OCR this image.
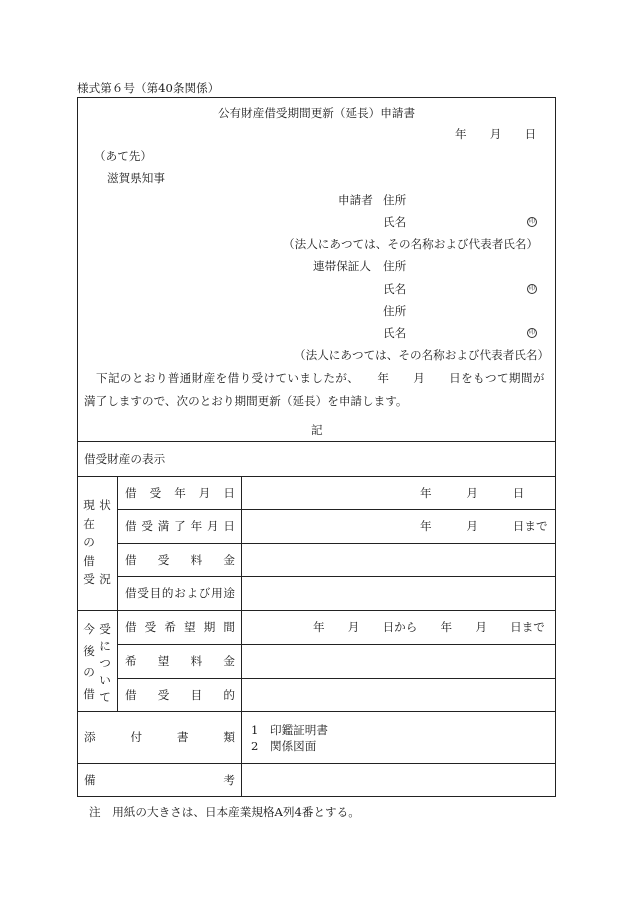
様式第６号（第40条関係）
公有財産借受期間更新（延長）申請書
年　　月　　日
（あて先）
滋賀県知事
申請者 住所
氏名	印
（法人にあつては、その名称および代表者氏名）
連帯保証人 住所
氏名	印
住所
氏名	印
（法人にあつては、その名称および代表者氏名）
下記のとおり普通財産を借り受けていましたが、　　年　　月　　日をもつて期間が
満了しますので、次のとおり期間更新（延長）を申請します。
記
借受財産の表示
現
在
の
借
受
状
況
借 受 年 月 日	年　　　月　　　日
借 受 満 了 年 月 日	年　　　月　　　日まで
借 受 料 金
借 受 目 的 お よ び 用 途
今
後
の
借
受
に
つ
い
て
借 受 希 望 期 間	年　　月　　日から　　年　　月　　日まで
希 望 料 金
借 受 目 的
添	付	書	類 1　印鑑証明書
2　関係図面
備	考
注　用紙の大きさは、日本産業規格A列4番とする。
